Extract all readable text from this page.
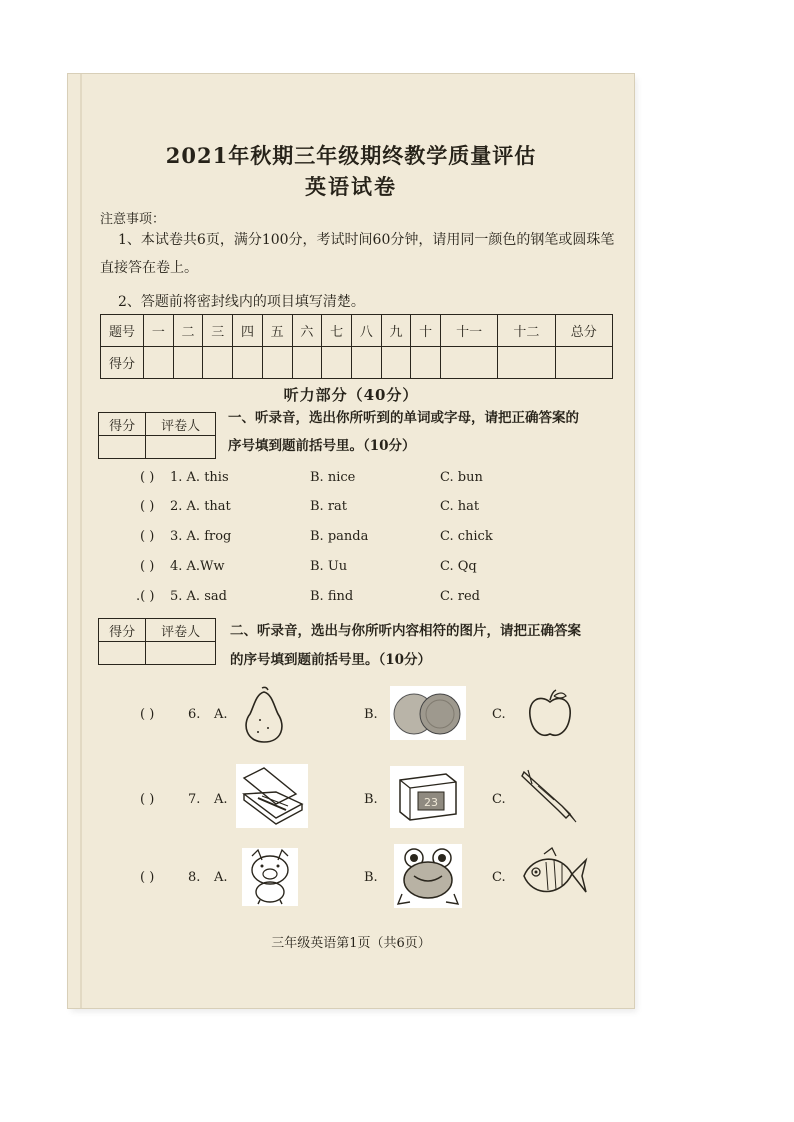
2021年秋期三年级期终教学质量评估
英语试卷
注意事项：
1、本试卷共6页，满分100分，考试时间60分钟，请用同一颜色的钢笔或圆珠笔直接答在卷上。
2、答题前将密封线内的项目填写清楚。
题号	一	二	三	四	五	六	七	八	九	十	十一	十二	总分
得分													
听力部分（40分）
得分	评卷人
	一、听录音，选出你所听到的单词或字母，请把正确答案的
序号填到题前括号里。（10分）
( ) 1. A. this	B. nice	C. bun
( ) 2. A. that	B. rat	C. hat
( ) 3. A. frog	B. panda	C. chick
( ) 4. A.Ww	B. Uu	C. Qq
.( ) 5. A. sad	B. find	C. red
得分	评卷人
	二、听录音，选出与你所听内容相符的图片，请把正确答案
的序号填到题前括号里。（10分）
( )	6. A.	B.	C.
( )	7. A.	B.	C.
23
( )	8. A.	B.	C.
三年级英语第1页（共6页）
